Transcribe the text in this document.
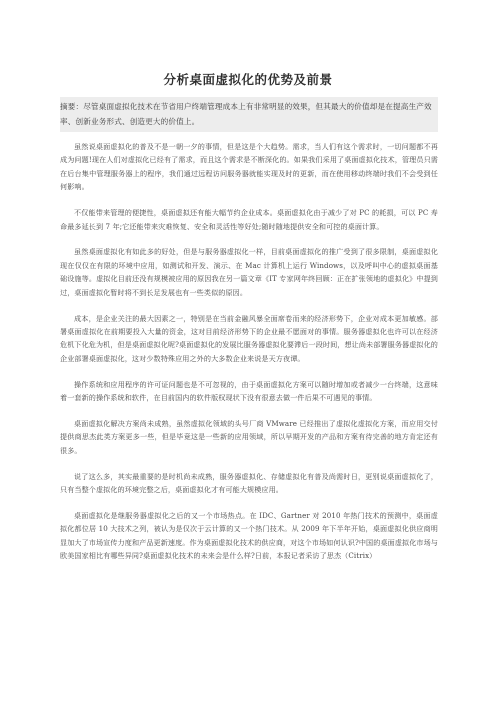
分析桌面虚拟化的优势及前景
摘要：尽管桌面虚拟化技术在节省用户终端管理成本上有非常明显的效果，但其最大的价值却是在提高生产效率、创新业务形式、创造更大的价值上。

虽然说桌面虚拟化的普及不是一朝一夕的事情，但是这是个大趋势。需求，当人们有这个需求时，一切问题都不再成为问题!现在人们对虚拟化已经有了需求，而且这个需求是不断深化的。如果我们采用了桌面虚拟化技术，管理员只需在后台集中管理服务器上的程序，我们通过远程访问服务器就能实现及时的更新，而在使用移动终端时我们不会受到任何影响。

不仅能带来管理的便捷性，桌面虚拟还有能大幅节约企业成本。桌面虚拟化由于减少了对 PC 的耗损，可以 PC 寿命最多延长到 7 年;它还能带来灾难恢复、安全和灵活性等好处;随时随地提供安全和可控的桌面计算。

虽然桌面虚拟化有如此多的好处，但是与服务器虚拟化一样，目前桌面虚拟化的推广受到了很多限制，桌面虚拟化现在仅仅在有限的环境中应用，如测试和开发、演示、在 Mac 计算机上运行 Windows，以及呼叫中心的虚拟桌面基础设施等。虚拟化目前还没有规模被应用的原因我在另一篇文章《IT 专家网年终回顾：正在扩张领地的虚拟化》中提到过，桌面虚拟化暂时将不到长足发展也有一些类似的原因。

成本，是企业关注的最大因素之一，特别是在当前金融风暴全面席卷而来的经济形势下，企业对成本更加敏感。部署桌面虚拟化在前期要投入大量的资金，这对目前经济形势下的企业最不愿面对的事情。服务器虚拟化也许可以在经济危机下化危为机，但是桌面虚拟化呢?桌面虚拟化的发展比服务器虚拟化要滞后一段时间，想让尚未部署服务器虚拟化的企业部署桌面虚拟化，这对少数特殊应用之外的大多数企业来说是天方夜谭。

操作系统和应用程序的许可证问题也是不可忽视的，由于桌面虚拟化方案可以随时增加或者减少一台终端，这意味着一套新的操作系统和软件，在目前国内的软件版权现状下没有很意去做一件后果不可遇见的事情。

桌面虚拟化解决方案尚未成熟，虽然虚拟化领域的头号厂商 VMware 已经推出了虚拟化虚拟化方案，而应用交付提供商思杰此类方案更多一些，但是毕竟这是一些新的应用领域，所以早期开发的产品和方案有待完善的地方肯定还有很多。

说了这么多，其实最重要的是时机尚未成熟，服务器虚拟化、存储虚拟化有普及尚需时日，更别说桌面虚拟化了，只有当整个虚拟化的环境完整之后，桌面虚拟化才有可能大规模应用。

桌面虚拟化是继服务器虚拟化之后的又一个市场热点。在 IDC、Gartner 对 2010 年热门技术的预测中，桌面虚拟化都位居 10 大技术之列，被认为是仅次于云计算的又一个热门技术。从 2009 年下半年开始，桌面虚拟化供应商明显加大了市场宣传力度和产品更新速度。作为桌面虚拟化技术的供应商，对这个市场如何认识?中国的桌面虚拟化市场与欧美国家相比有哪些异同?桌面虚拟化技术的未来会是什么样?日前，本报记者采访了思杰（Citrix）
